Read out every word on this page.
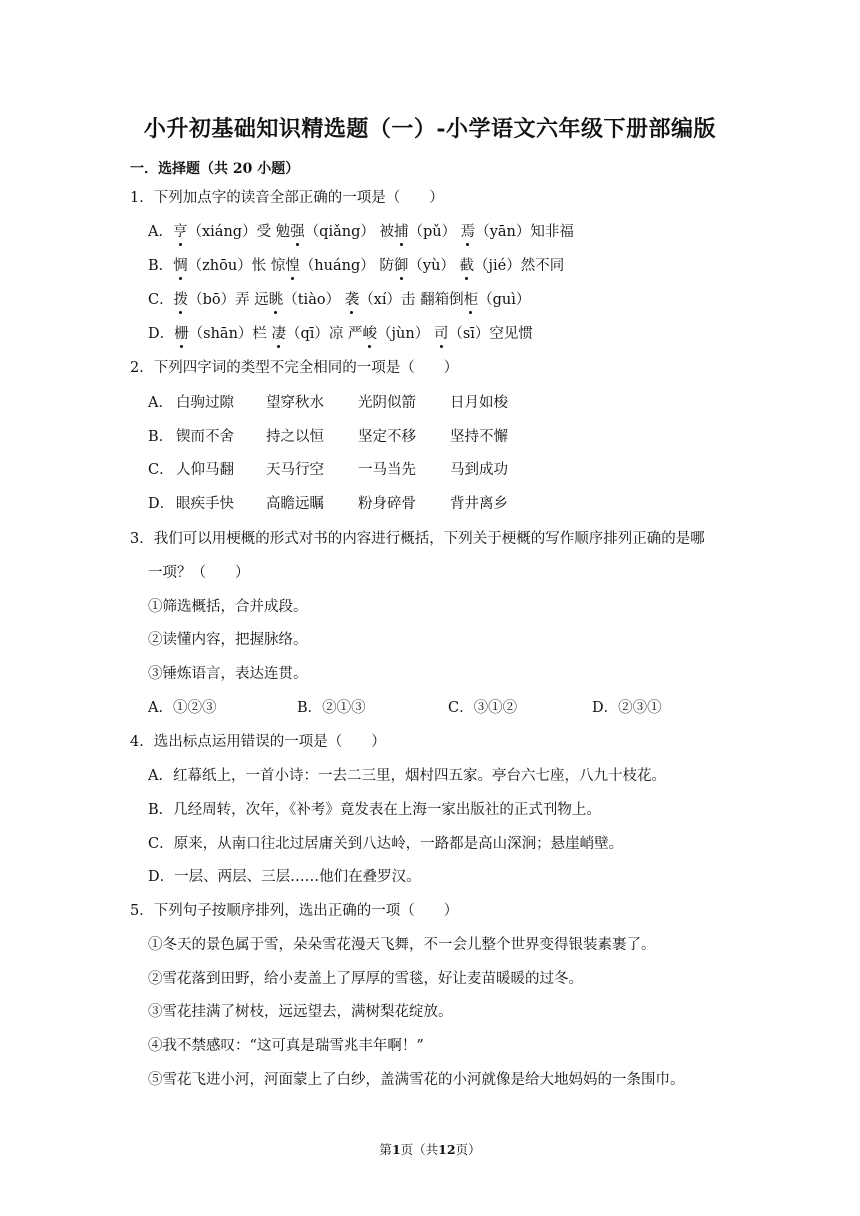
小升初基础知识精选题（一）-小学语文六年级下册部编版
一．选择题（共 20 小题）
1．下列加点字的读音全部正确的一项是（　　）
A．亨（xiáng）受 勉强（qiǎng） 被捕（pǔ） 焉（yān）知非福
B．惆（zhōu）怅 惊惶（huáng） 防御（yù） 截（jié）然不同
C．拨（bō）弄 远眺（tiào） 袭（xí）击 翻箱倒柜（guì）
D．栅（shān）栏 凄（qī）凉 严峻（jùn） 司（sī）空见惯
2．下列四字词的类型不完全相同的一项是（　　）
A． 白驹过隙 望穿秋水 光阴似箭 日月如梭
B． 锲而不舍 持之以恒 坚定不移 坚持不懈
C． 人仰马翻 天马行空 一马当先 马到成功
D． 眼疾手快 高瞻远瞩 粉身碎骨 背井离乡
3．我们可以用梗概的形式对书的内容进行概括，下列关于梗概的写作顺序排列正确的是哪
一项？（　　）
①筛选概括，合并成段。
②读懂内容，把握脉络。
③锤炼语言，表达连贯。
A．①②③	B．②①③	C．③①②	D．②③①
4．选出标点运用错误的一项是（　　）
A．红幕纸上，一首小诗：一去二三里，烟村四五家。亭台六七座，八九十枝花。
B．几经周转，次年，《补考》竟发表在上海一家出版社的正式刊物上。
C．原来，从南口往北过居庸关到八达岭，一路都是高山深涧；悬崖峭壁。
D．一层、两层、三层……他们在叠罗汉。
5．下列句子按顺序排列，选出正确的一项（　　）
①冬天的景色属于雪，朵朵雪花漫天飞舞，不一会儿整个世界变得银装素裹了。
②雪花落到田野，给小麦盖上了厚厚的雪毯，好让麦苗暖暖的过冬。
③雪花挂满了树枝，远远望去，满树梨花绽放。
④我不禁感叹：“这可真是瑞雪兆丰年啊！”
⑤雪花飞进小河，河面蒙上了白纱，盖满雪花的小河就像是给大地妈妈的一条围巾。
第1页（共12页）
